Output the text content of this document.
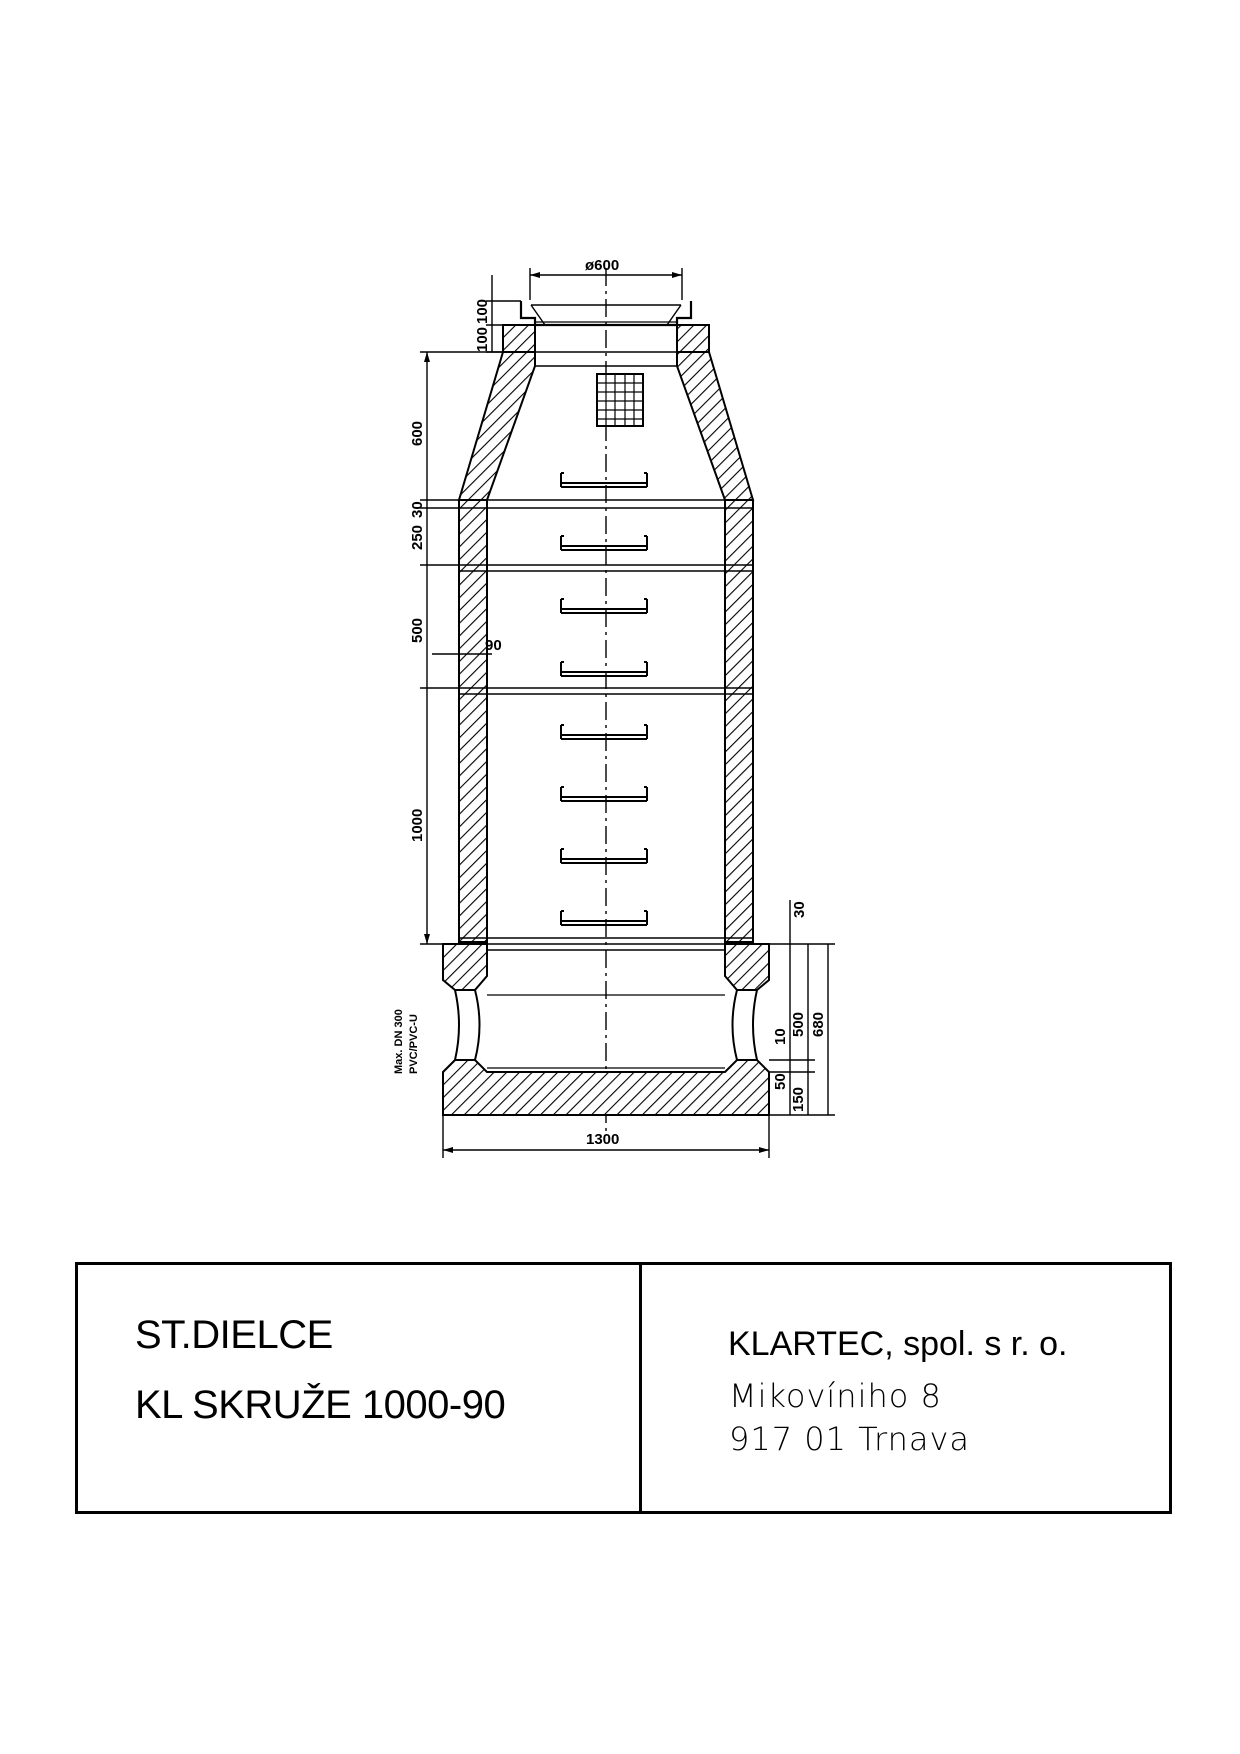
ø600
100
100
600
250
30
500
90
1000
30
10 500 680
150
50
1300
Max. DN 300 PVC/PVC-U
ST.DIELCE
KL SKRUŽE 1000-90
KLARTEC, spol. s r. o.
Mikovíniho 8
917 01 Trnava
